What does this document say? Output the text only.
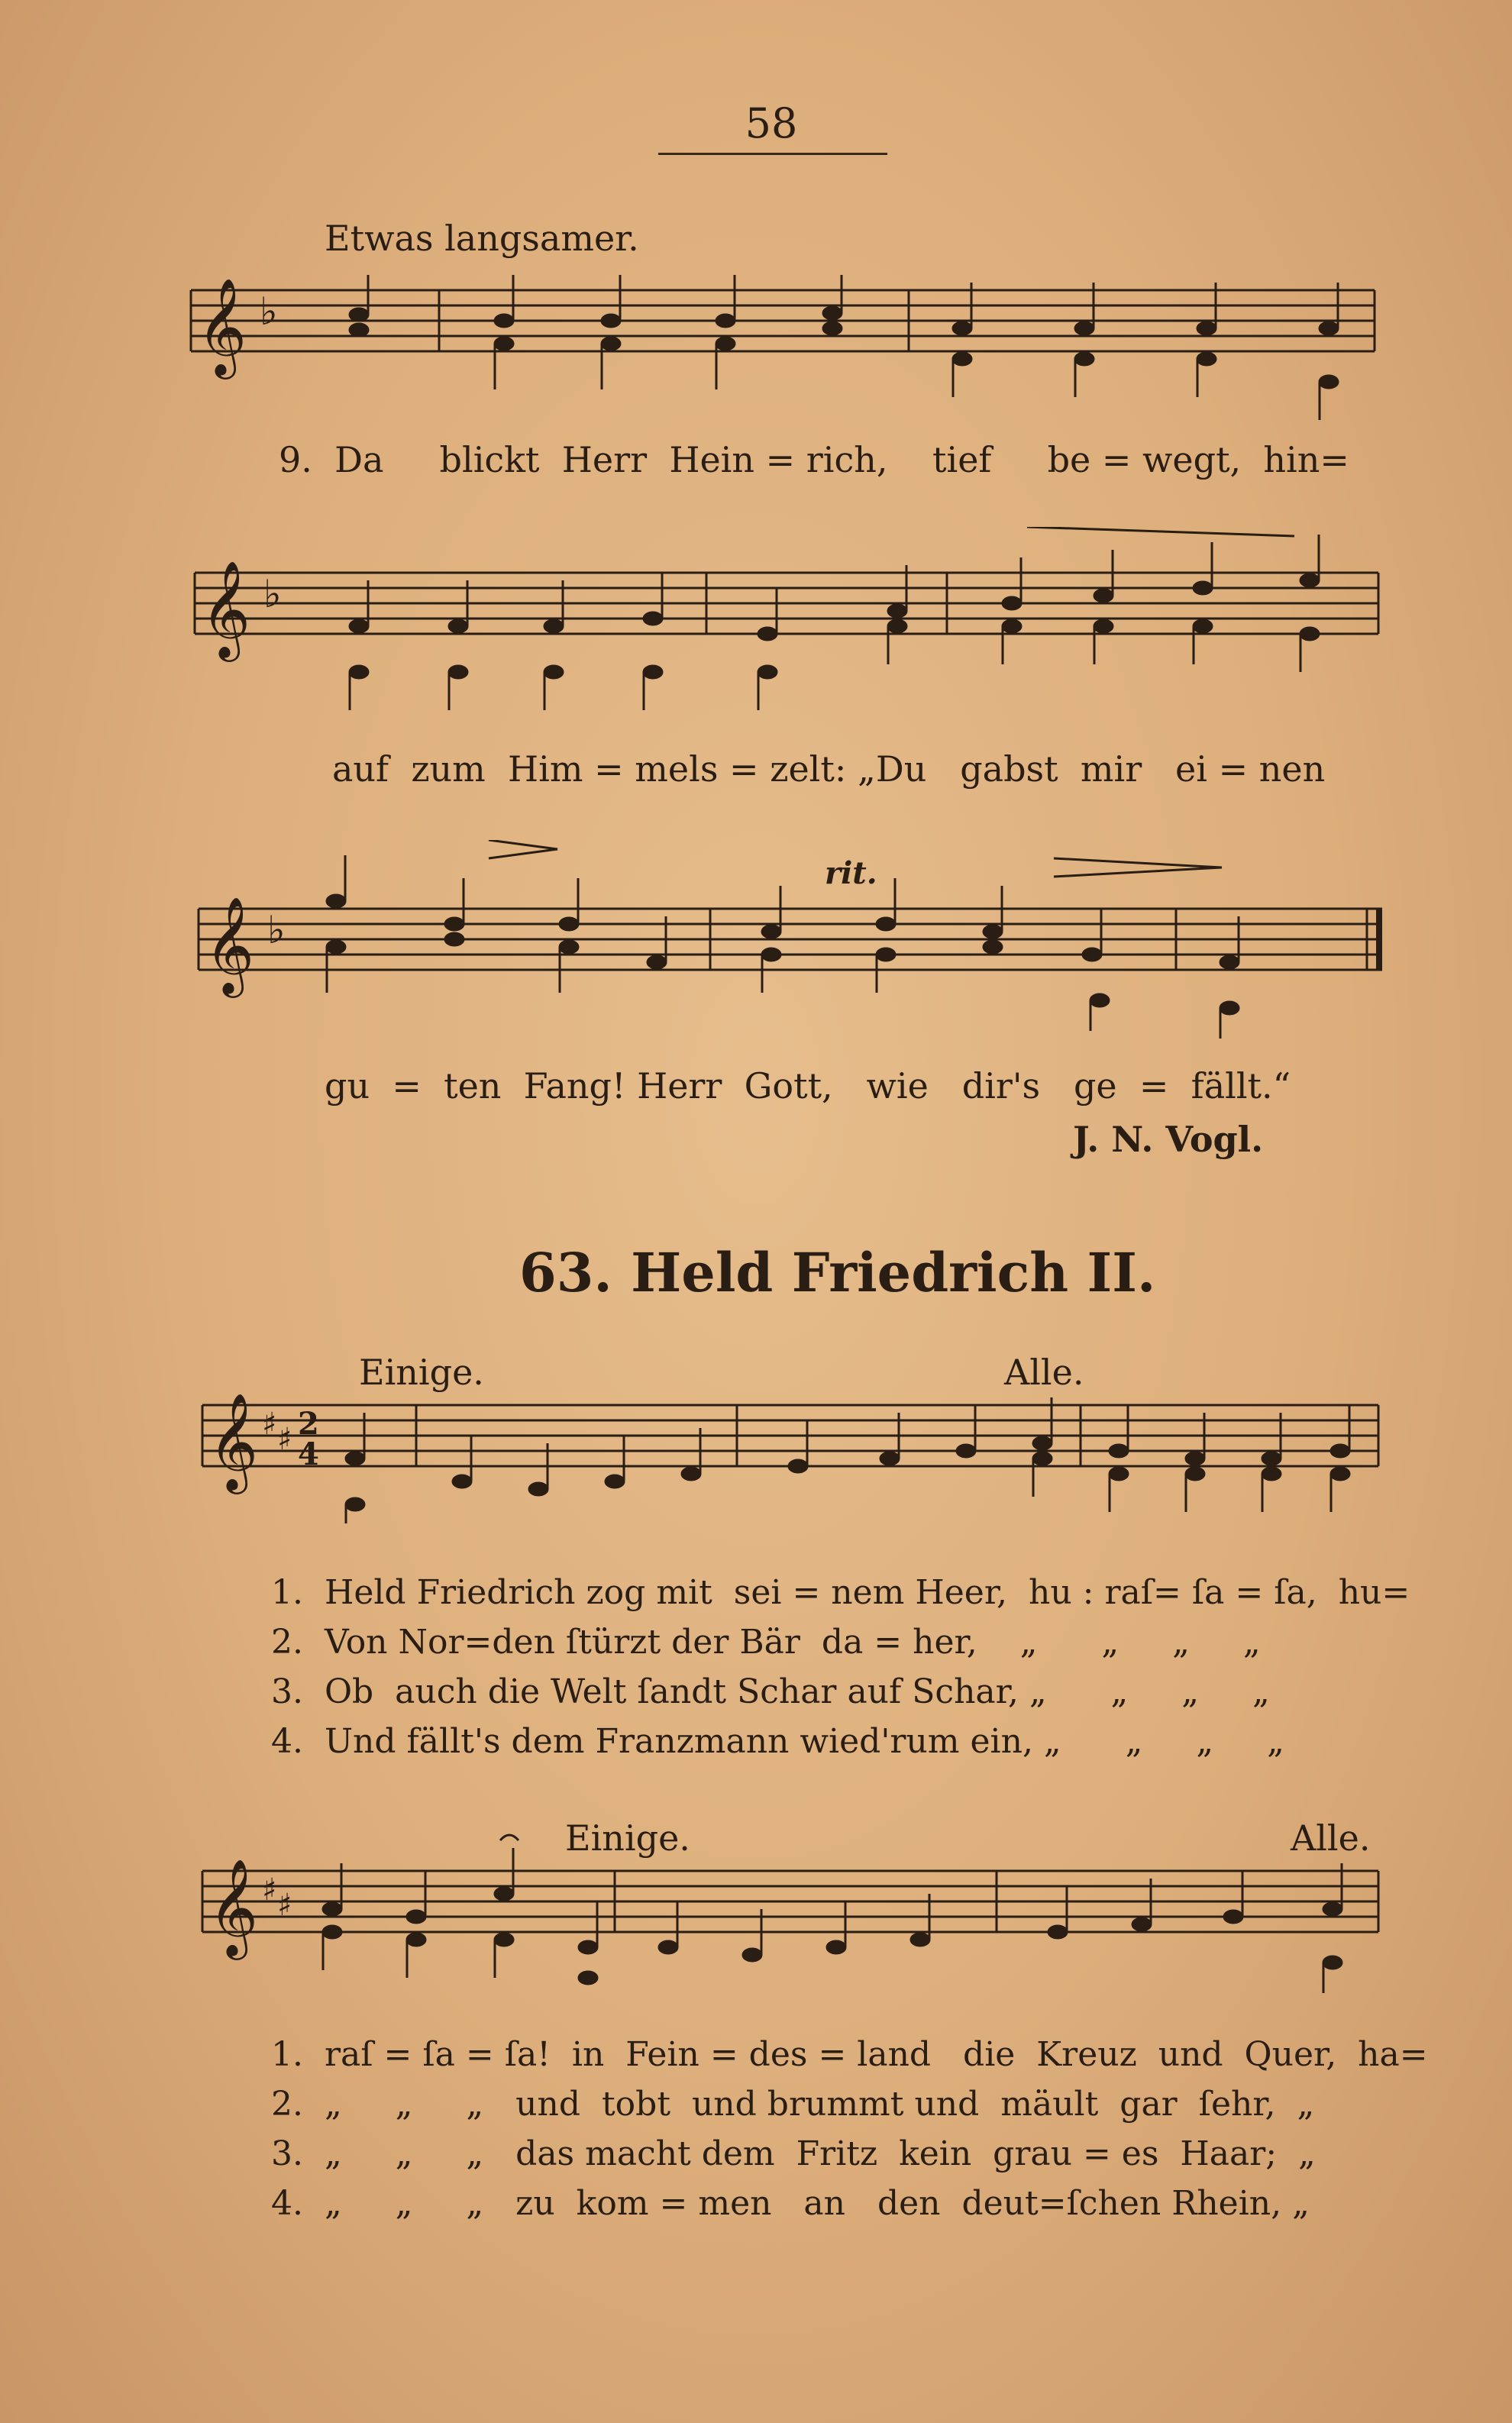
58
Etwas langsamer.
𝄞 ♭
9.  Da     blickt  Herr  Hein = rich,    tief     be = wegt,  hin=
𝄞 ♭
auf  zum  Him = mels = zelt: „Du   gabst  mir   ei = nen
rit.
𝄞 ♭
gu  =  ten  Fang! Herr  Gott,   wie   dir's   ge  =  fällt.“
J. N. Vogl.
63. Held Friedrich II.
Einige.	Alle.
𝄞 ♯ ♯ 2
4
1.  Held Friedrich zog mit  sei = nem Heer,  hu : raſ= ſa = ſa,  hu=
2.  Von Nor=den ſtürzt der Bär  da = her,    „      „     „     „
3.  Ob  auch die Welt ſandt Schar auf Schar, „      „     „     „
4.  Und fällt's dem Franzmann wied'rum ein, „      „     „     „
Einige.	Alle.
𝄞 ♯ ♯
1.  raſ = ſa = ſa!  in  Fein = des = land   die  Kreuz  und  Quer,  ha=
2.  „     „     „   und  tobt  und brummt und  mäult  gar  ſehr,  „
3.  „     „     „   das macht dem  Fritz  kein  grau = es  Haar;  „
4.  „     „     „   zu  kom = men   an   den  deut=ſchen Rhein, „
